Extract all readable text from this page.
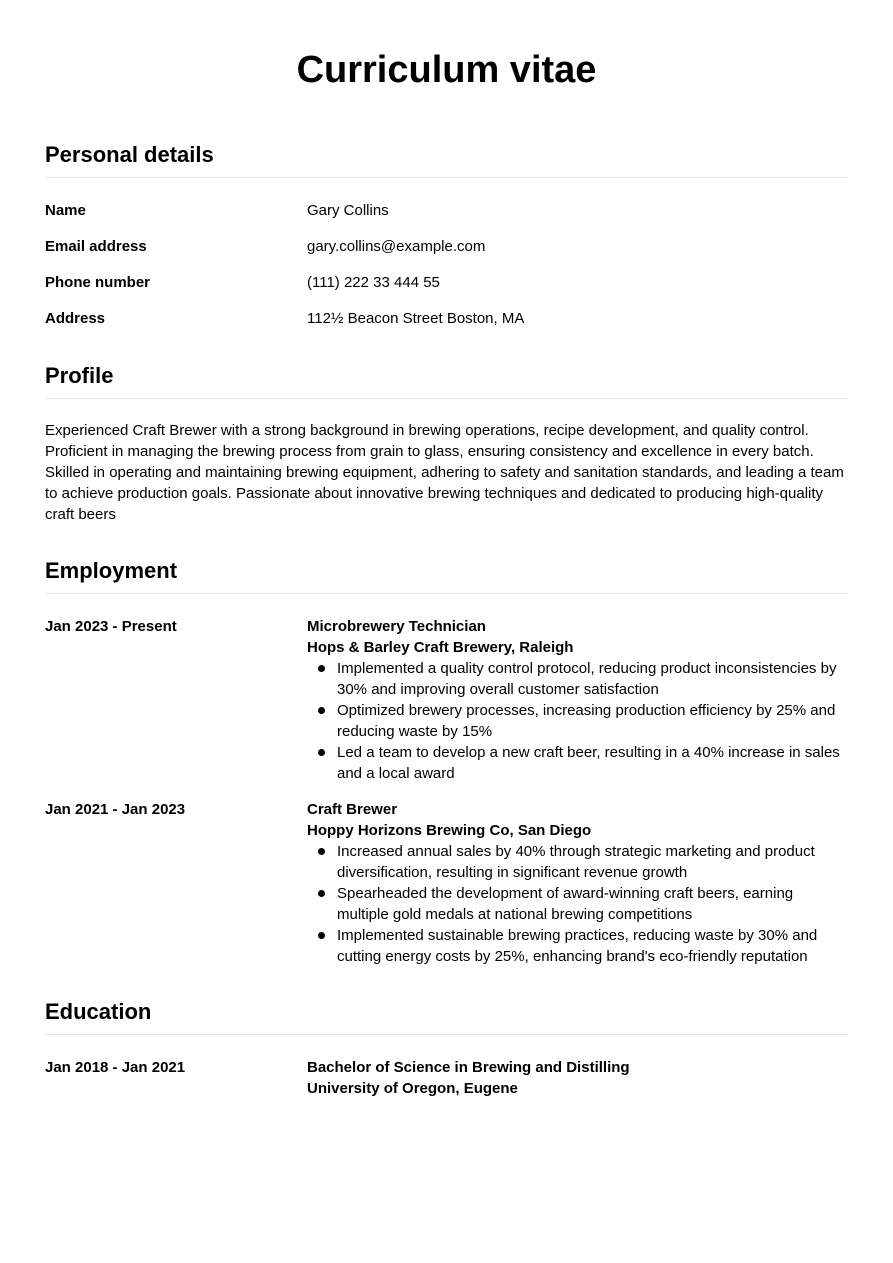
Curriculum vitae
Personal details
Name	Gary Collins
Email address	gary.collins@example.com
Phone number	(111) 222 33 444 55
Address	112½ Beacon Street Boston, MA
Profile

Experienced Craft Brewer with a strong background in brewing operations, recipe development, and quality control. Proficient in managing the brewing process from grain to glass, ensuring consistency and excellence in every batch. Skilled in operating and maintaining brewing equipment, adhering to safety and sanitation standards, and leading a team to achieve production goals. Passionate about innovative brewing techniques and dedicated to producing high-quality craft beers

Employment
Jan 2023 - Present	Microbrewery Technician
Hops & Barley Craft Brewery, Raleigh
Implemented a quality control protocol, reducing product inconsistencies by 30% and improving overall customer satisfaction
Optimized brewery processes, increasing production efficiency by 25% and reducing waste by 15%
Led a team to develop a new craft beer, resulting in a 40% increase in sales and a local award
Jan 2021 - Jan 2023	Craft Brewer
Hoppy Horizons Brewing Co, San Diego
Increased annual sales by 40% through strategic marketing and product diversification, resulting in significant revenue growth
Spearheaded the development of award-winning craft beers, earning multiple gold medals at national brewing competitions
Implemented sustainable brewing practices, reducing waste by 30% and cutting energy costs by 25%, enhancing brand's eco-friendly reputation
Education
Jan 2018 - Jan 2021	Bachelor of Science in Brewing and Distilling
University of Oregon, Eugene
